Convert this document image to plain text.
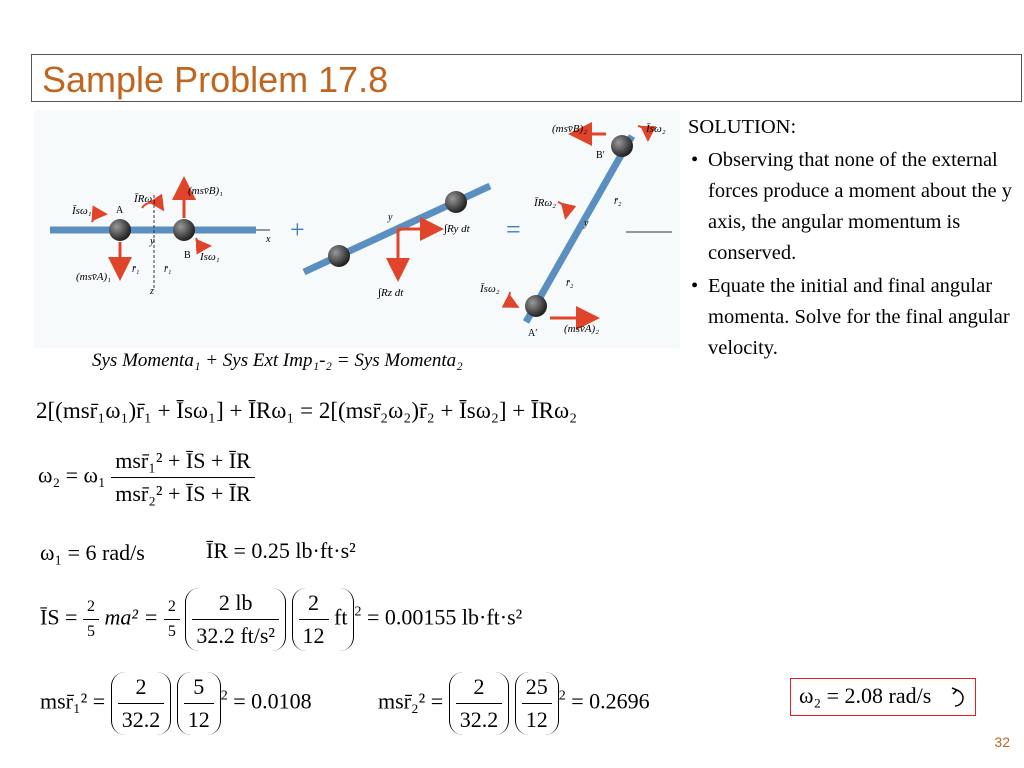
Sample Problem 17.8
Īsω₁
ĪRω₁
(msv̄B)₁
(msv̄A)₁
Isω₁
A
B
y
z
x
r̄₁ r̄₁
+	y
∫Ry dt
∫Rz dt
=
(msv̄B)₂	Īsω₂
B′
ĪRω₂
y
r̄₂
r̄₂
Īsω₂
(msv̄A)₂
A′

SOLUTION:

• Observing that none of the external forces produce a moment about the y axis, the angular momentum is conserved.
• Equate the initial and final angular momenta. Solve for the final angular velocity.
Sys Momenta₁ + Sys Ext Imp₁-₂ = Sys Momenta₂
2[(msr̄₁ω₁)r̄₁ + Īsω₁] + ĪRω₁ = 2[(msr̄₂ω₂)r̄₂ + Īsω₂] + ĪRω₂
$\omega_2 = \omega_1 \frac{\text{msr̄₁² + ĪS + ĪR}}{\text{msr̄₂² + ĪS + ĪR}}$
ω₁ = 6 rad/s	ĪR = 0.25 lb·ft·s²
ĪS = $\frac{2}{5} ma^2 = \frac{2}{5}$
$\frac{2 lb}{\text{32.2 ft/s²}}$
$\frac{2}{12}$ ft $^2$ = 0.00155 lb·ft·s²
msr̄₁² = $\frac{2}{32.2}$
$\frac{5}{12} ^2 = 0.0108$	msr̄₂² = $\frac{2}{32.2}$
$\frac{25}{12} ^2 = 0.2696$	ω₂ = 2.08 rad/s
32
